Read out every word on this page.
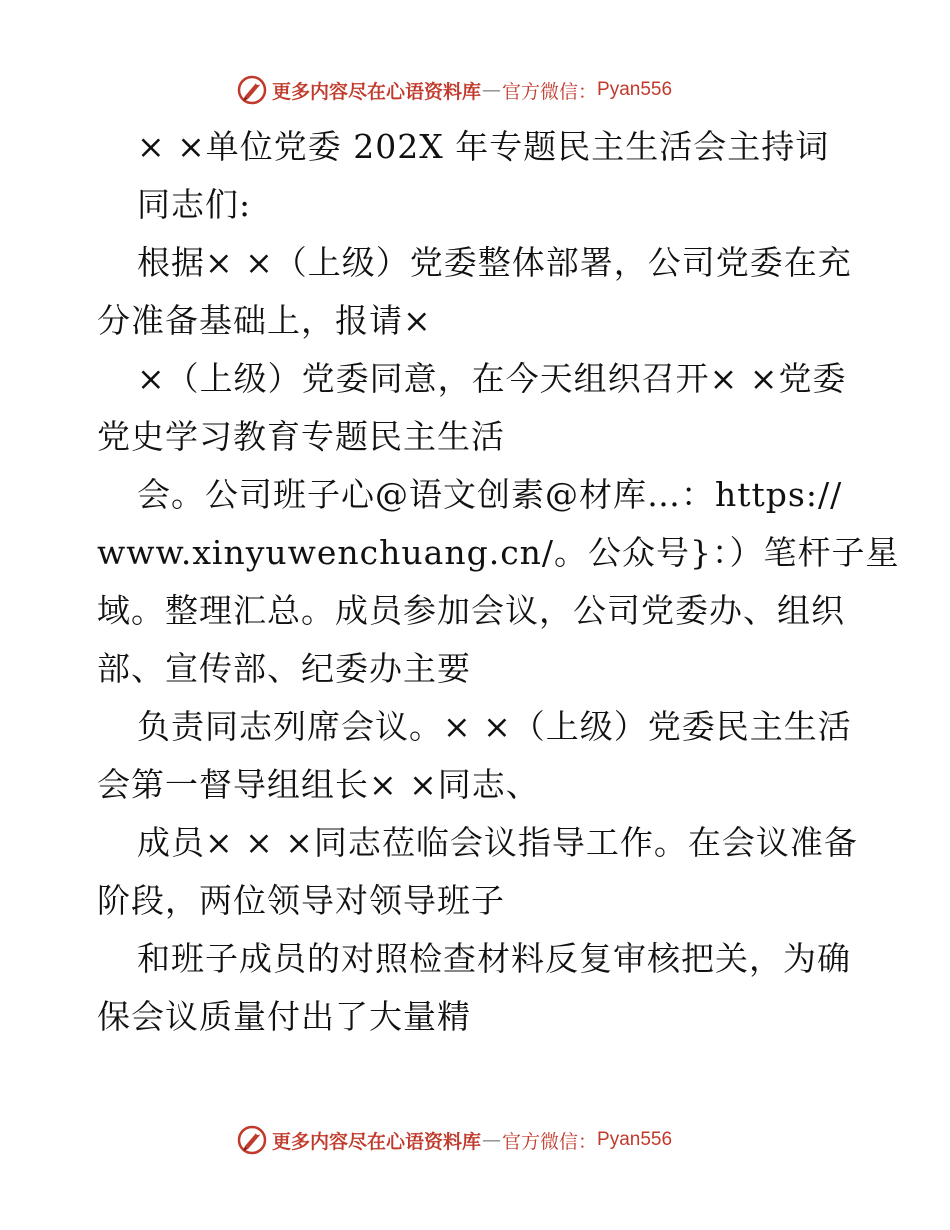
更多内容尽在心语资料库 — 官方微信： Pyan556
× ×单位党委 202X 年专题民主生活会主持词
同志们:
根据× ×（上级）党委整体部署，公司党委在充
分准备基础上，报请×
×（上级）党委同意，在今天组织召开× ×党委
党史学习教育专题民主生活
会。公司班子心@语文创素@材库…：https://
www.xinyuwenchuang.cn/。公众号}：）笔杆子星
域。整理汇总。成员参加会议，公司党委办、组织
部、宣传部、纪委办主要
负责同志列席会议。× ×（上级）党委民主生活
会第一督导组组长× ×同志、
成员× × ×同志莅临会议指导工作。在会议准备
阶段，两位领导对领导班子
和班子成员的对照检查材料反复审核把关，为确
保会议质量付出了大量精
更多内容尽在心语资料库 — 官方微信： Pyan556
